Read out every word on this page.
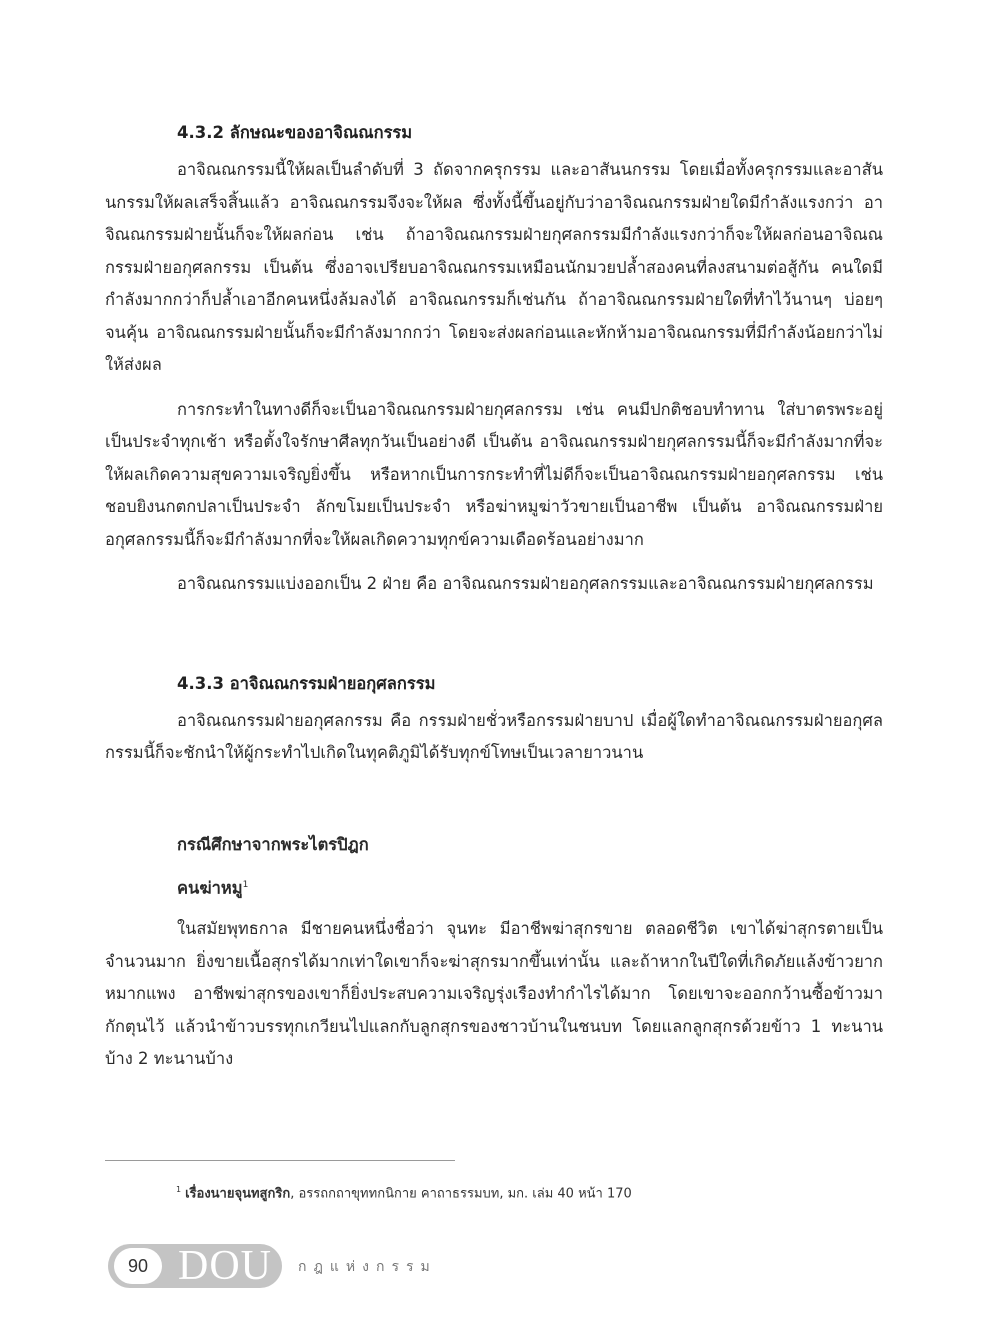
4.3.2 ลักษณะของอาจิณณกรรม

อาจิณณกรรมนี้ให้ผลเป็นลำดับที่ 3 ถัดจากครุกรรม และอาสันนกรรม โดยเมื่อทั้งครุกรรมและอาสันนกรรมให้ผลเสร็จสิ้นแล้ว อาจิณณกรรมจึงจะให้ผล ซึ่งทั้งนี้ขึ้นอยู่กับว่าอาจิณณกรรมฝ่ายใดมีกำลังแรงกว่า อาจิณณกรรมฝ่ายนั้นก็จะให้ผลก่อน เช่น ถ้าอาจิณณกรรมฝ่ายกุศลกรรมมีกำลังแรงกว่าก็จะให้ผลก่อนอาจิณณกรรมฝ่ายอกุศลกรรม เป็นต้น ซึ่งอาจเปรียบอาจิณณกรรมเหมือนนักมวยปล้ำสองคนที่ลงสนามต่อสู้กัน คนใดมีกำลังมากกว่าก็ปล้ำเอาอีกคนหนึ่งล้มลงได้ อาจิณณกรรมก็เช่นกัน ถ้าอาจิณณกรรมฝ่ายใดที่ทำไว้นานๆ บ่อยๆ จนคุ้น อาจิณณกรรมฝ่ายนั้นก็จะมีกำลังมากกว่า โดยจะส่งผลก่อนและหักห้ามอาจิณณกรรมที่มีกำลังน้อยกว่าไม่ให้ส่งผล

การกระทำในทางดีก็จะเป็นอาจิณณกรรมฝ่ายกุศลกรรม เช่น คนมีปกติชอบทำทาน ใส่บาตรพระอยู่เป็นประจำทุกเช้า หรือตั้งใจรักษาศีลทุกวันเป็นอย่างดี เป็นต้น อาจิณณกรรมฝ่ายกุศลกรรมนี้ก็จะมีกำลังมากที่จะให้ผลเกิดความสุขความเจริญยิ่งขึ้น หรือหากเป็นการกระทำที่ไม่ดีก็จะเป็นอาจิณณกรรมฝ่ายอกุศลกรรม เช่น ชอบยิงนกตกปลาเป็นประจำ ลักขโมยเป็นประจำ หรือฆ่าหมูฆ่าวัวขายเป็นอาชีพ เป็นต้น อาจิณณกรรมฝ่ายอกุศลกรรมนี้ก็จะมีกำลังมากที่จะให้ผลเกิดความทุกข์ความเดือดร้อนอย่างมาก

อาจิณณกรรมแบ่งออกเป็น 2 ฝ่าย คือ อาจิณณกรรมฝ่ายอกุศลกรรมและอาจิณณกรรมฝ่ายกุศลกรรม

4.3.3 อาจิณณกรรมฝ่ายอกุศลกรรม

อาจิณณกรรมฝ่ายอกุศลกรรม คือ กรรมฝ่ายชั่วหรือกรรมฝ่ายบาป เมื่อผู้ใดทำอาจิณณกรรมฝ่ายอกุศลกรรมนี้ก็จะชักนำให้ผู้กระทำไปเกิดในทุคติภูมิได้รับทุกข์โทษเป็นเวลายาวนาน

กรณีศึกษาจากพระไตรปิฎก
คนฆ่าหมู$^1$

ในสมัยพุทธกาล มีชายคนหนึ่งชื่อว่า จุนทะ มีอาชีพฆ่าสุกรขาย ตลอดชีวิต เขาได้ฆ่าสุกรตายเป็นจำนวนมาก ยิ่งขายเนื้อสุกรได้มากเท่าใดเขาก็จะฆ่าสุกรมากขึ้นเท่านั้น และถ้าหากในปีใดที่เกิดภัยแล้งข้าวยากหมากแพง อาชีพฆ่าสุกรของเขาก็ยิ่งประสบความเจริญรุ่งเรืองทำกำไรได้มาก โดยเขาจะออกกว้านซื้อข้าวมากักตุนไว้ แล้วนำข้าวบรรทุกเกวียนไปแลกกับลูกสุกรของชาวบ้านในชนบท โดยแลกลูกสุกรด้วยข้าว 1 ทะนานบ้าง 2 ทะนานบ้าง

$^1$ เรื่องนายจุนทสูกริก, อรรถกถาขุททกนิกาย คาถาธรรมบท, มก. เล่ม 40 หน้า 170
90 DOU กฎแห่งกรรม
